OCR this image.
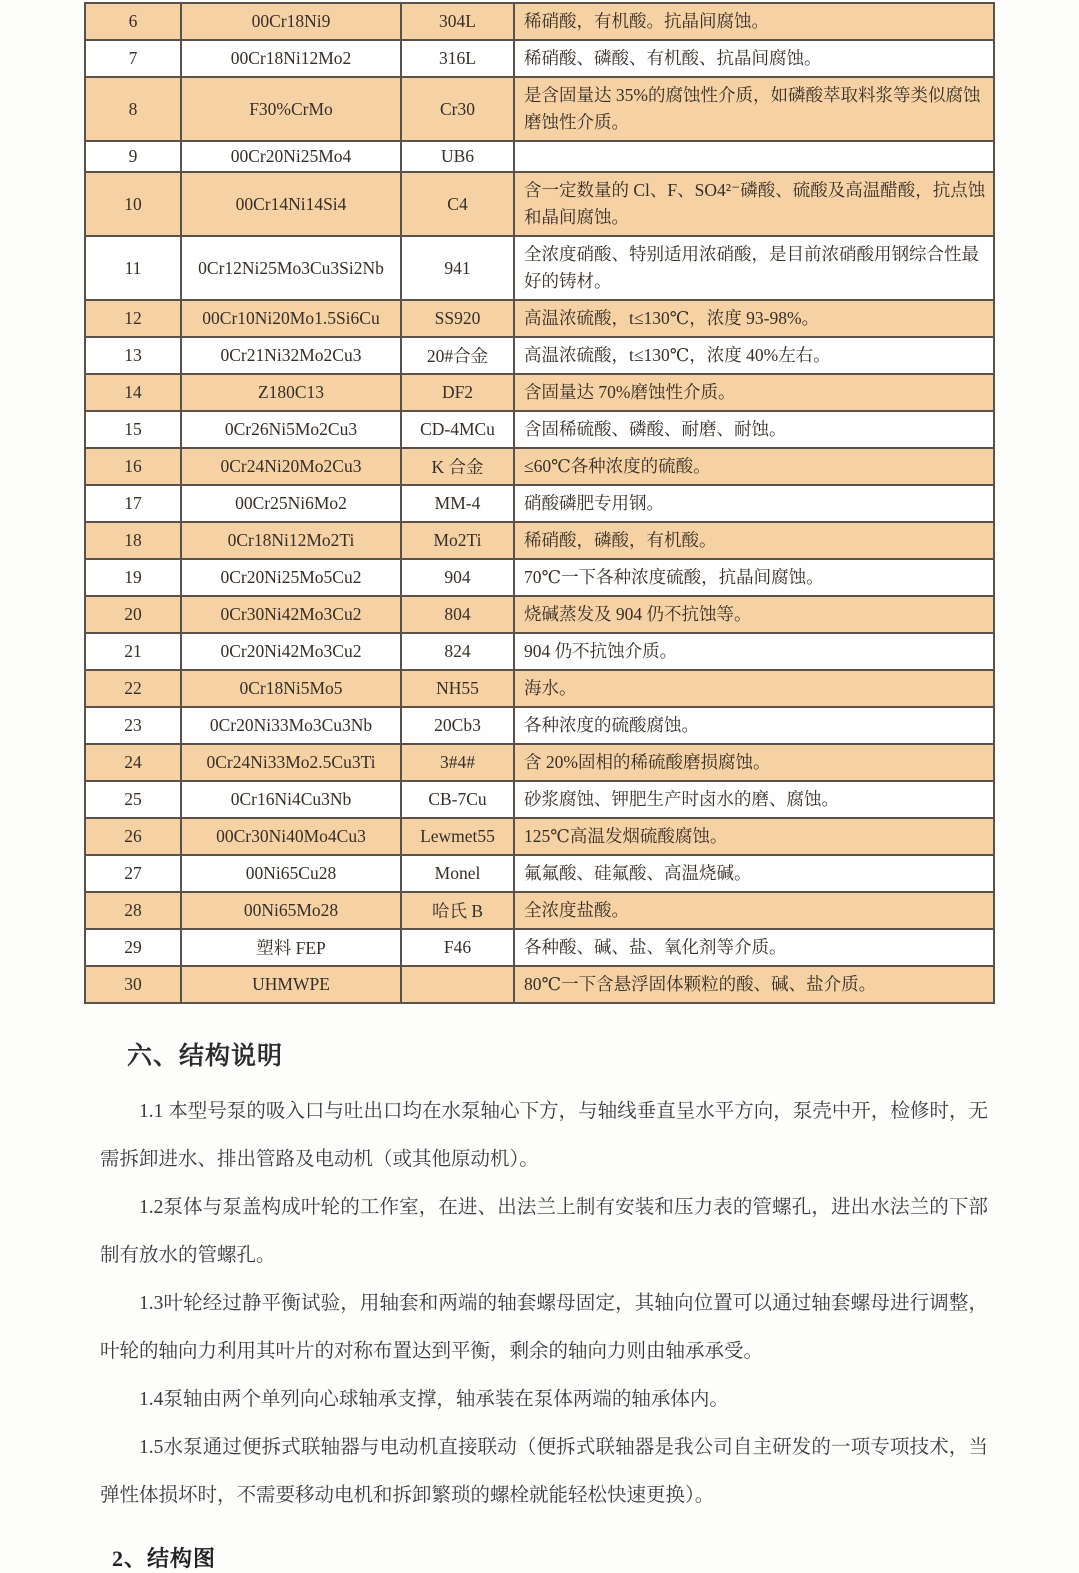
6	00Cr18Ni9	304L	稀硝酸，有机酸。抗晶间腐蚀。
7	00Cr18Ni12Mo2	316L	稀硝酸、磷酸、有机酸、抗晶间腐蚀。
8	F30%CrMo	Cr30	是含固量达 35%的腐蚀性介质，如磷酸萃取料浆等类似腐蚀磨蚀性介质。
9	00Cr20Ni25Mo4	UB6	
10	00Cr14Ni14Si4	C4	含一定数量的 Cl、F、SO4²⁻磷酸、硫酸及高温醋酸，抗点蚀和晶间腐蚀。
11	0Cr12Ni25Mo3Cu3Si2Nb	941	全浓度硝酸、特别适用浓硝酸，是目前浓硝酸用钢综合性最好的铸材。
12	00Cr10Ni20Mo1.5Si6Cu	SS920	高温浓硫酸，t≤130℃，浓度 93-98%。
13	0Cr21Ni32Mo2Cu3	20#合金	高温浓硫酸，t≤130℃，浓度 40%左右。
14	Z180C13	DF2	含固量达 70%磨蚀性介质。
15	0Cr26Ni5Mo2Cu3	CD-4MCu	含固稀硫酸、磷酸、耐磨、耐蚀。
16	0Cr24Ni20Mo2Cu3	K 合金	≤60℃各种浓度的硫酸。
17	00Cr25Ni6Mo2	MM-4	硝酸磷肥专用钢。
18	0Cr18Ni12Mo2Ti	Mo2Ti	稀硝酸，磷酸，有机酸。
19	0Cr20Ni25Mo5Cu2	904	70℃一下各种浓度硫酸，抗晶间腐蚀。
20	0Cr30Ni42Mo3Cu2	804	烧碱蒸发及 904 仍不抗蚀等。
21	0Cr20Ni42Mo3Cu2	824	904 仍不抗蚀介质。
22	0Cr18Ni5Mo5	NH55	海水。
23	0Cr20Ni33Mo3Cu3Nb	20Cb3	各种浓度的硫酸腐蚀。
24	0Cr24Ni33Mo2.5Cu3Ti	3#4#	含 20%固相的稀硫酸磨损腐蚀。
25	0Cr16Ni4Cu3Nb	CB-7Cu	砂浆腐蚀、钾肥生产时卤水的磨、腐蚀。
26	00Cr30Ni40Mo4Cu3	Lewmet55	125℃高温发烟硫酸腐蚀。
27	00Ni65Cu28	Monel	氟氟酸、硅氟酸、高温烧碱。
28	00Ni65Mo28	哈氏 B	全浓度盐酸。
29	塑料 FEP	F46	各种酸、碱、盐、氧化剂等介质。
30	UHMWPE		80℃一下含悬浮固体颗粒的酸、碱、盐介质。
六、结构说明

1.1 本型号泵的吸入口与吐出口均在水泵轴心下方，与轴线垂直呈水平方向，泵壳中开，检修时，无需拆卸进水、排出管路及电动机（或其他原动机）。

1.2泵体与泵盖构成叶轮的工作室，在进、出法兰上制有安装和压力表的管螺孔，进出水法兰的下部制有放水的管螺孔。

1.3叶轮经过静平衡试验，用轴套和两端的轴套螺母固定，其轴向位置可以通过轴套螺母进行调整，叶轮的轴向力利用其叶片的对称布置达到平衡，剩余的轴向力则由轴承承受。

1.4泵轴由两个单列向心球轴承支撑，轴承装在泵体两端的轴承体内。

1.5水泵通过便拆式联轴器与电动机直接联动（便拆式联轴器是我公司自主研发的一项专项技术，当弹性体损坏时，不需要移动电机和拆卸繁琐的螺栓就能轻松快速更换）。

2、结构图
